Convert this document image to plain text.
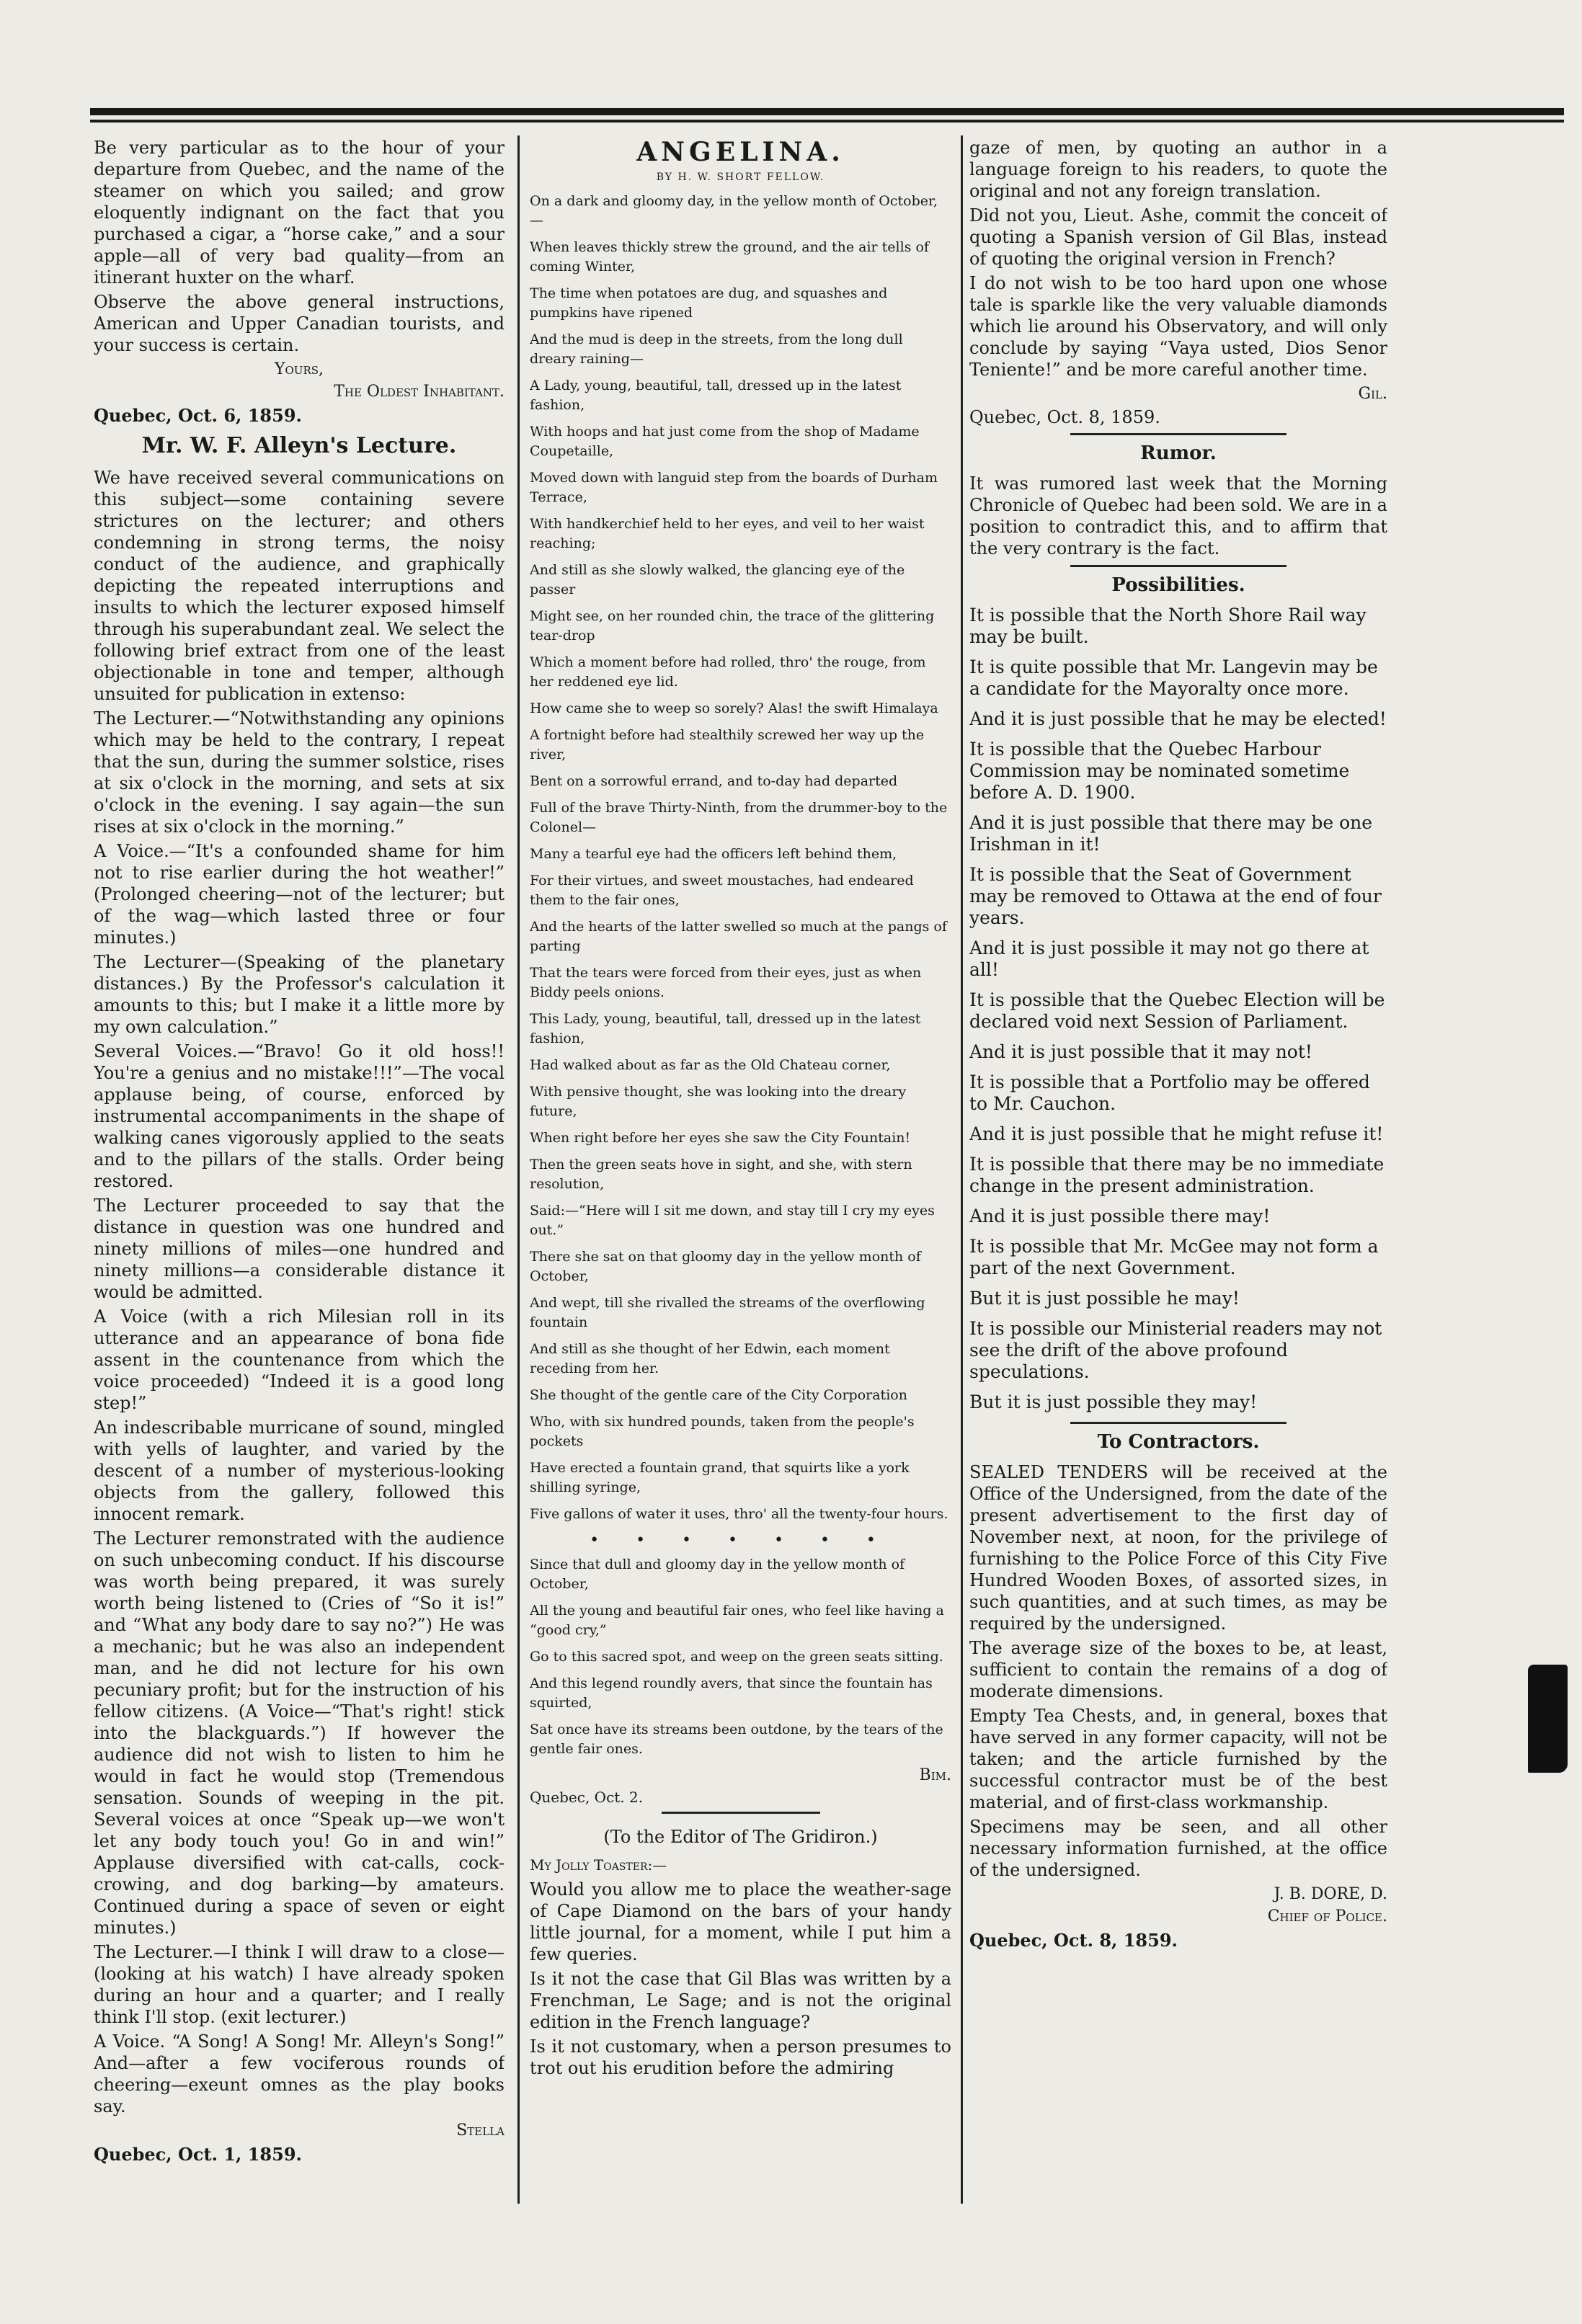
Be very particular as to the hour of your departure from Quebec, and the name of the steamer on which you sailed; and grow eloquently indignant on the fact that you purchased a cigar, a “horse cake,” and a sour apple—all of very bad quality—from an itinerant huxter on the wharf.

Observe the above general instructions, American and Upper Canadian tourists, and your success is certain.

Yours,
The Oldest Inhabitant.
Quebec, Oct. 6, 1859.
Mr. W. F. Alleyn's Lecture.

We have received several communications on this subject—some containing severe strictures on the lecturer; and others condemning in strong terms, the noisy conduct of the audience, and graphically depicting the repeated interruptions and insults to which the lecturer exposed himself through his superabundant zeal. We select the following brief extract from one of the least objectionable in tone and temper, although unsuited for publication in extenso:

The Lecturer.—“Notwithstanding any opinions which may be held to the contrary, I repeat that the sun, during the summer solstice, rises at six o'clock in the morning, and sets at six o'clock in the evening. I say again—the sun rises at six o'clock in the morning.”

A Voice.—“It's a confounded shame for him not to rise earlier during the hot weather!” (Prolonged cheering—not of the lecturer; but of the wag—which lasted three or four minutes.)

The Lecturer—(Speaking of the planetary distances.) By the Professor's calculation it amounts to this; but I make it a little more by my own calculation.”

Several Voices.—“Bravo! Go it old hoss!! You're a genius and no mistake!!!”—The vocal applause being, of course, enforced by instrumental accompaniments in the shape of walking canes vigorously applied to the seats and to the pillars of the stalls. Order being restored.

The Lecturer proceeded to say that the distance in question was one hundred and ninety millions of miles—one hundred and ninety millions—a considerable distance it would be admitted.

A Voice (with a rich Milesian roll in its utterance and an appearance of bona fide assent in the countenance from which the voice proceeded) “Indeed it is a good long step!”

An indescribable murricane of sound, mingled with yells of laughter, and varied by the descent of a number of mysterious-looking objects from the gallery, followed this innocent remark.

The Lecturer remonstrated with the audience on such unbecoming conduct. If his discourse was worth being prepared, it was surely worth being listened to (Cries of “So it is!” and “What any body dare to say no?”) He was a mechanic; but he was also an independent man, and he did not lecture for his own pecuniary profit; but for the instruction of his fellow citizens. (A Voice—“That's right! stick into the blackguards.”) If however the audience did not wish to listen to him he would in fact he would stop (Tremendous sensation. Sounds of weeping in the pit. Several voices at once “Speak up—we won't let any body touch you! Go in and win!” Applause diversified with cat-calls, cock-crowing, and dog barking—by amateurs. Continued during a space of seven or eight minutes.)

The Lecturer.—I think I will draw to a close—(looking at his watch) I have already spoken during an hour and a quarter; and I really think I'll stop. (exit lecturer.)

A Voice. “A Song! A Song! Mr. Alleyn's Song!” And—after a few vociferous rounds of cheering—exeunt omnes as the play books say.

Stella
Quebec, Oct. 1, 1859.
ANGELINA.
BY H. W. SHORT FELLOW.

On a dark and gloomy day, in the yellow month of October,—

When leaves thickly strew the ground, and the air tells of coming Winter,

The time when potatoes are dug, and squashes and pumpkins have ripened

And the mud is deep in the streets, from the long dull dreary raining—

A Lady, young, beautiful, tall, dressed up in the latest fashion,

With hoops and hat just come from the shop of Madame Coupetaille,

Moved down with languid step from the boards of Durham Terrace,

With handkerchief held to her eyes, and veil to her waist reaching;

And still as she slowly walked, the glancing eye of the passer

Might see, on her rounded chin, the trace of the glittering tear-drop

Which a moment before had rolled, thro' the rouge, from her reddened eye lid.

How came she to weep so sorely? Alas! the swift Himalaya

A fortnight before had stealthily screwed her way up the river,

Bent on a sorrowful errand, and to-day had departed

Full of the brave Thirty-Ninth, from the drummer-boy to the Colonel—

Many a tearful eye had the officers left behind them,

For their virtues, and sweet moustaches, had endeared them to the fair ones,

And the hearts of the latter swelled so much at the pangs of parting

That the tears were forced from their eyes, just as when Biddy peels onions.

This Lady, young, beautiful, tall, dressed up in the latest fashion,

Had walked about as far as the Old Chateau corner,

With pensive thought, she was looking into the dreary future,

When right before her eyes she saw the City Fountain!

Then the green seats hove in sight, and she, with stern resolution,

Said:—“Here will I sit me down, and stay till I cry my eyes out.”

There she sat on that gloomy day in the yellow month of October,

And wept, till she rivalled the streams of the overflowing fountain

And still as she thought of her Edwin, each moment receding from her.

She thought of the gentle care of the City Corporation

Who, with six hundred pounds, taken from the people's pockets

Have erected a fountain grand, that squirts like a york shilling syringe,

Five gallons of water it uses, thro' all the twenty-four hours.

• • • • • • •

Since that dull and gloomy day in the yellow month of October,

All the young and beautiful fair ones, who feel like having a “good cry,”

Go to this sacred spot, and weep on the green seats sitting.

And this legend roundly avers, that since the fountain has squirted,

Sat once have its streams been outdone, by the tears of the gentle fair ones.

Bim.
Quebec, Oct. 2.
(To the Editor of The Gridiron.)

My Jolly Toaster:—

Would you allow me to place the weather-sage of Cape Diamond on the bars of your handy little journal, for a moment, while I put him a few queries.

Is it not the case that Gil Blas was written by a Frenchman, Le Sage; and is not the original edition in the French language?

Is it not customary, when a person presumes to trot out his erudition before the admiring

gaze of men, by quoting an author in a language foreign to his readers, to quote the original and not any foreign translation.

Did not you, Lieut. Ashe, commit the conceit of quoting a Spanish version of Gil Blas, instead of quoting the original version in French?

I do not wish to be too hard upon one whose tale is sparkle like the very valuable diamonds which lie around his Observatory, and will only conclude by saying “Vaya usted, Dios Senor Teniente!” and be more careful another time.

Gil.
Quebec, Oct. 8, 1859.
Rumor.

It was rumored last week that the Morning Chronicle of Quebec had been sold. We are in a position to contradict this, and to affirm that the very contrary is the fact.

Possibilities.

It is possible that the North Shore Rail way may be built.

It is quite possible that Mr. Langevin may be a candidate for the Mayoralty once more.

And it is just possible that he may be elected!

It is possible that the Quebec Harbour Commission may be nominated sometime before A. D. 1900.

And it is just possible that there may be one Irishman in it!

It is possible that the Seat of Government may be removed to Ottawa at the end of four years.

And it is just possible it may not go there at all!

It is possible that the Quebec Election will be declared void next Session of Parliament.

And it is just possible that it may not!

It is possible that a Portfolio may be offered to Mr. Cauchon.

And it is just possible that he might refuse it!

It is possible that there may be no immediate change in the present administration.

And it is just possible there may!

It is possible that Mr. McGee may not form a part of the next Government.

But it is just possible he may!

It is possible our Ministerial readers may not see the drift of the above profound speculations.

But it is just possible they may!

To Contractors.

SEALED TENDERS will be received at the Office of the Undersigned, from the date of the present advertisement to the first day of November next, at noon, for the privilege of furnishing to the Police Force of this City Five Hundred Wooden Boxes, of assorted sizes, in such quantities, and at such times, as may be required by the undersigned.

The average size of the boxes to be, at least, sufficient to contain the remains of a dog of moderate dimensions.

Empty Tea Chests, and, in general, boxes that have served in any former capacity, will not be taken; and the article furnished by the successful contractor must be of the best material, and of first-class workmanship.

Specimens may be seen, and all other necessary information furnished, at the office of the undersigned.

J. B. DORE, D.
Chief of Police.
Quebec, Oct. 8, 1859.
